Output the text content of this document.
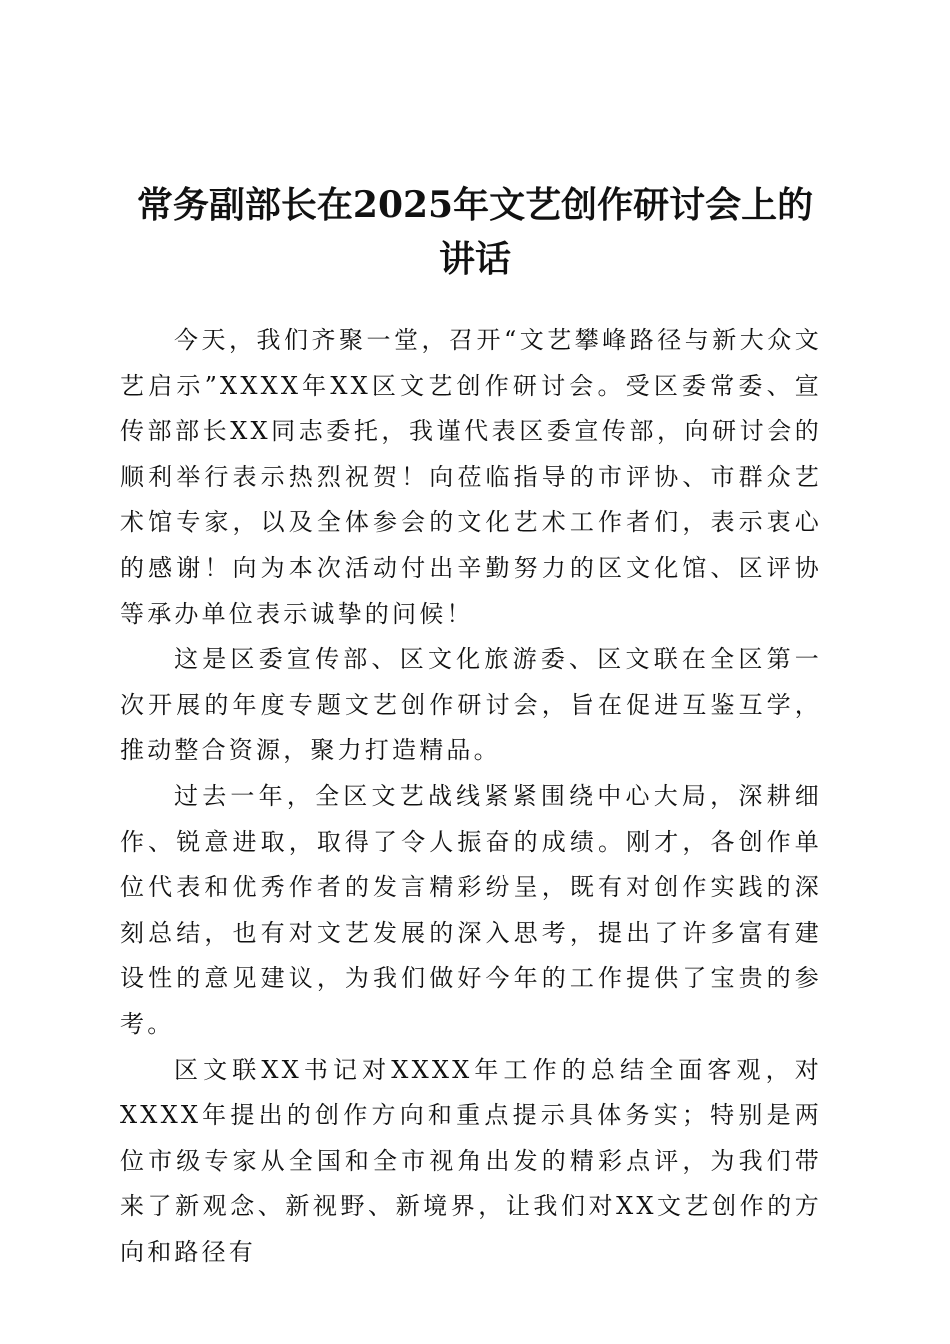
常务副部长在2025年文艺创作研讨会上的讲话

今天，我们齐聚一堂，召开“文艺攀峰路径与新大众文艺启示”XXXX年XX区文艺创作研讨会。受区委常委、宣传部部长XX同志委托，我谨代表区委宣传部，向研讨会的顺利举行表示热烈祝贺！向莅临指导的市评协、市群众艺术馆专家，以及全体参会的文化艺术工作者们，表示衷心的感谢！向为本次活动付出辛勤努力的区文化馆、区评协等承办单位表示诚挚的问候！

这是区委宣传部、区文化旅游委、区文联在全区第一次开展的年度专题文艺创作研讨会，旨在促进互鉴互学，推动整合资源，聚力打造精品。

过去一年，全区文艺战线紧紧围绕中心大局，深耕细作、锐意进取，取得了令人振奋的成绩。刚才，各创作单位代表和优秀作者的发言精彩纷呈，既有对创作实践的深刻总结，也有对文艺发展的深入思考，提出了许多富有建设性的意见建议，为我们做好今年的工作提供了宝贵的参考。

区文联XX书记对XXXX年工作的总结全面客观，对XXXX年提出的创作方向和重点提示具体务实；特别是两位市级专家从全国和全市视角出发的精彩点评，为我们带来了新观念、新视野、新境界，让我们对XX文艺创作的方向和路径有
